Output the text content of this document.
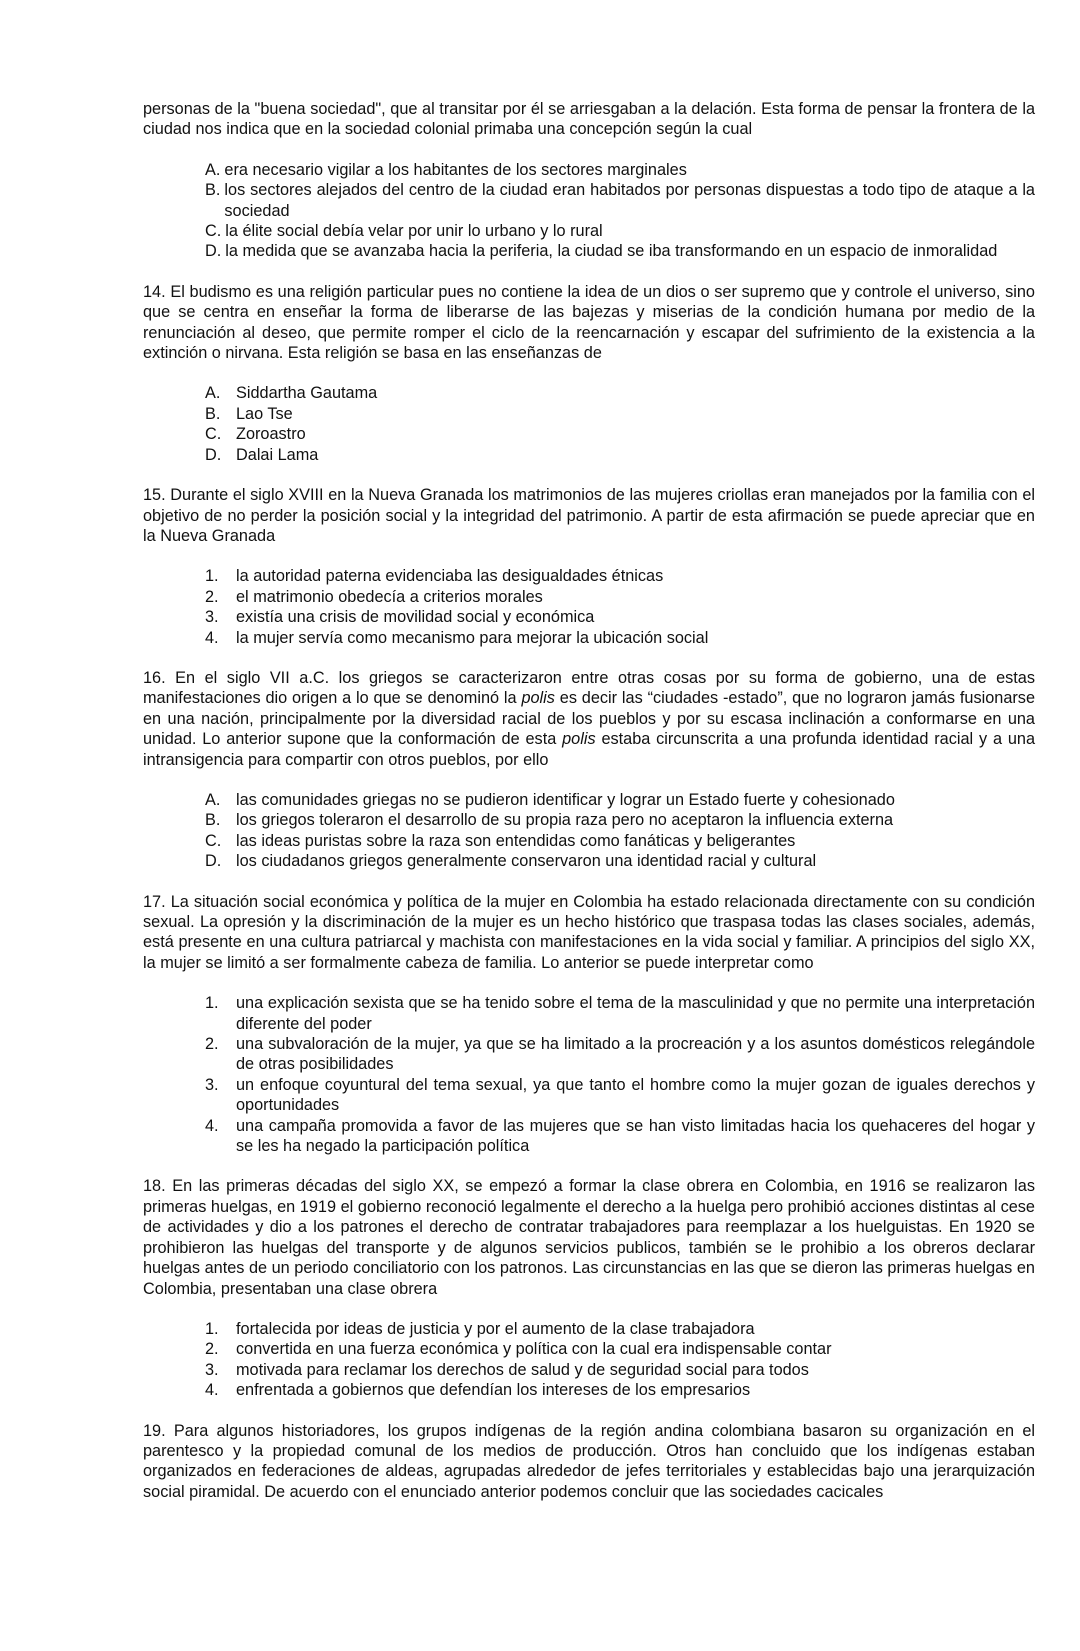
personas de la "buena sociedad", que al transitar por él se arriesgaban a la delación. Esta forma de pensar la frontera de la ciudad nos indica que en la sociedad colonial primaba una concepción según la cual

A. era necesario vigilar a los habitantes de los sectores marginales
B. los sectores alejados del centro de la ciudad eran habitados por personas dispuestas a todo tipo de ataque a la sociedad
C. la élite social debía velar por unir lo urbano y lo rural
D. la medida que se avanzaba hacia la periferia, la ciudad se iba transformando en un espacio de inmoralidad

14. El budismo es una religión particular pues no contiene la idea de un dios o ser supremo que y controle el universo, sino que se centra en enseñar la forma de liberarse de las bajezas y miserias de la condición humana por medio de la renunciación al deseo, que permite romper el ciclo de la reencarnación y escapar del sufrimiento de la existencia a la extinción o nirvana. Esta religión se basa en las enseñanzas de

A. Siddartha Gautama
B. Lao Tse
C. Zoroastro
D. Dalai Lama

15. Durante el siglo XVIII en la Nueva Granada los matrimonios de las mujeres criollas eran manejados por la familia con el objetivo de no perder la posición social y la integridad del patrimonio. A partir de esta afirmación se puede apreciar que en la Nueva Granada

1.	la autoridad paterna evidenciaba las desigualdades étnicas
2.	el matrimonio obedecía a criterios morales
3.	existía una crisis de movilidad social y económica
4.	la mujer servía como mecanismo para mejorar la ubicación social

16. En el siglo VII a.C. los griegos se caracterizaron entre otras cosas por su forma de gobierno, una de estas manifestaciones dio origen a lo que se denominó la polis es decir las “ciudades -estado”, que no lograron jamás fusionarse en una nación, principalmente por la diversidad racial de los pueblos y por su escasa inclinación a conformarse en una unidad. Lo anterior supone que la conformación de esta polis estaba circunscrita a una profunda identidad racial y a una intransigencia para compartir con otros pueblos, por ello

A. las comunidades griegas no se pudieron identificar y lograr un Estado fuerte y cohesionado
B. los griegos toleraron el desarrollo de su propia raza pero no aceptaron la influencia externa
C. las ideas puristas sobre la raza son entendidas como fanáticas y beligerantes
D. los ciudadanos griegos generalmente conservaron una identidad racial y cultural

17. La situación social económica y política de la mujer en Colombia ha estado relacionada directamente con su condición sexual. La opresión y la discriminación de la mujer es un hecho histórico que traspasa todas las clases sociales, además, está presente en una cultura patriarcal y machista con manifestaciones en la vida social y familiar. A principios del siglo XX, la mujer se limitó a ser formalmente cabeza de familia. Lo anterior se puede interpretar como

1.	una explicación sexista que se ha tenido sobre el tema de la masculinidad y que no permite una interpretación diferente del poder
2.	una subvaloración de la mujer, ya que se ha limitado a la procreación y a los asuntos domésticos relegándole de otras posibilidades
3.	un enfoque coyuntural del tema sexual, ya que tanto el hombre como la mujer gozan de iguales derechos y oportunidades
4.	una campaña promovida a favor de las mujeres que se han visto limitadas hacia los quehaceres del hogar y se les ha negado la participación política

18. En las primeras décadas del siglo XX, se empezó a formar la clase obrera en Colombia, en 1916 se realizaron las primeras huelgas, en 1919 el gobierno reconoció legalmente el derecho a la huelga pero prohibió acciones distintas al cese de actividades y dio a los patrones el derecho de contratar trabajadores para reemplazar a los huelguistas. En 1920 se prohibieron las huelgas del transporte y de algunos servicios publicos, también se le prohibio a los obreros declarar huelgas antes de un periodo conciliatorio con los patronos. Las circunstancias en las que se dieron las primeras huelgas en Colombia, presentaban una clase obrera

1.	fortalecida por ideas de justicia y por el aumento de la clase trabajadora
2.	convertida en una fuerza económica y política con la cual era indispensable contar
3.	motivada para reclamar los derechos de salud y de seguridad social para todos
4.	enfrentada a gobiernos que defendían los intereses de los empresarios

19. Para algunos historiadores, los grupos indígenas de la región andina colombiana basaron su organización en el parentesco y la propiedad comunal de los medios de producción. Otros han concluido que los indígenas estaban organizados en federaciones de aldeas, agrupadas alrededor de jefes territoriales y establecidas bajo una jerarquización social piramidal. De acuerdo con el enunciado anterior podemos concluir que las sociedades cacicales
